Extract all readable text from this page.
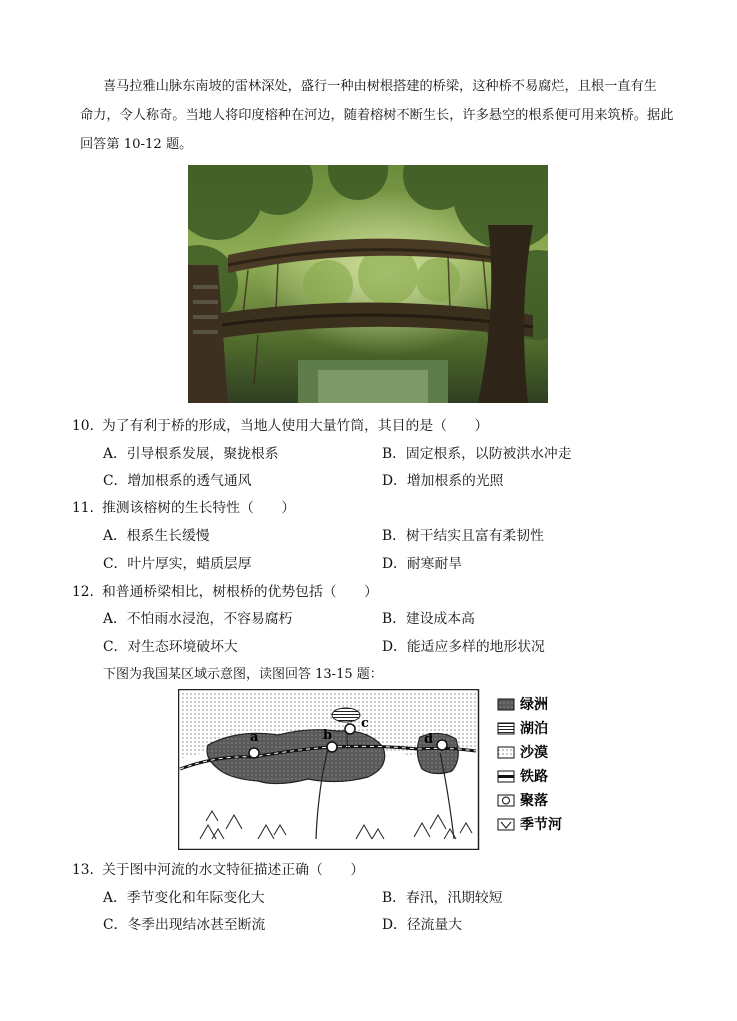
喜马拉雅山脉东南坡的雷林深处，盛行一种由树根搭建的桥梁，这种桥不易腐烂，且根一直有生
命力，令人称奇。当地人将印度榕种在河边，随着榕树不断生长，许多悬空的根系便可用来筑桥。据此
回答第 10-12 题。
10. 为了有利于桥的形成，当地人使用大量竹筒，其目的是（　　）
A．引导根系发展，聚拢根系	B．固定根系，以防被洪水冲走
C．增加根系的透气通风	D．增加根系的光照
11. 推测该榕树的生长特性（　　）
A．根系生长缓慢	B．树干结实且富有柔韧性
C．叶片厚实，蜡质层厚	D．耐寒耐旱
12. 和普通桥梁相比，树根桥的优势包括（　　）
A．不怕雨水浸泡，不容易腐朽	B．建设成本高
C．对生态环境破坏大	D．能适应多样的地形状况
下图为我国某区域示意图，读图回答 13-15 题：
a	b
c
d
绿洲
湖泊
沙漠
铁路
聚落
季节河
13. 关于图中河流的水文特征描述正确（　　）
A．季节变化和年际变化大	B．春汛，汛期较短
C．冬季出现结冰甚至断流	D．径流量大
